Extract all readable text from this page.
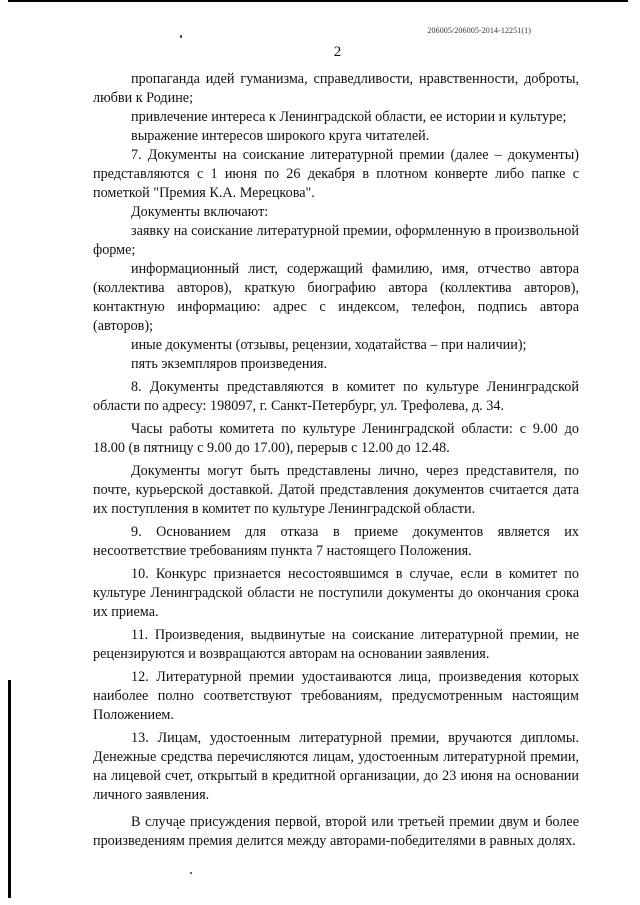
206005/206005-2014-12251(1)
2

пропаганда идей гуманизма, справедливости, нравственности, доброты, любви к Родине;

привлечение интереса к Ленинградской области, ее истории и культуре;

выражение интересов широкого круга читателей.

7. Документы на соискание литературной премии (далее – документы) представляются с 1 июня по 26 декабря в плотном конверте либо папке с пометкой "Премия К.А. Мерецкова".

Документы включают:

заявку на соискание литературной премии, оформленную в произвольной форме;

информационный лист, содержащий фамилию, имя, отчество автора (коллектива авторов), краткую биографию автора (коллектива авторов), контактную информацию: адрес с индексом, телефон, подпись автора (авторов);

иные документы (отзывы, рецензии, ходатайства – при наличии);

пять экземпляров произведения.

8. Документы представляются в комитет по культуре Ленинградской области по адресу: 198097, г. Санкт-Петербург, ул. Трефолева, д. 34.

Часы работы комитета по культуре Ленинградской области: с 9.00 до 18.00 (в пятницу с 9.00 до 17.00), перерыв с 12.00 до 12.48.

Документы могут быть представлены лично, через представителя, по почте, курьерской доставкой. Датой представления документов считается дата их поступления в комитет по культуре Ленинградской области.

9. Основанием для отказа в приеме документов является их несоответствие требованиям пункта 7 настоящего Положения.

10. Конкурс признается несостоявшимся в случае, если в комитет по культуре Ленинградской области не поступили документы до окончания срока их приема.

11. Произведения, выдвинутые на соискание литературной премии, не рецензируются и возвращаются авторам на основании заявления.

12. Литературной премии удостаиваются лица, произведения которых наиболее полно соответствуют требованиям, предусмотренным настоящим Положением.

13. Лицам, удостоенным литературной премии, вручаются дипломы. Денежные средства перечисляются лицам, удостоенным литературной премии, на лицевой счет, открытый в кредитной организации, до 23 июня на основании личного заявления.

В случае присуждения первой, второй или третьей премии двум и более произведениям премия делится между авторами-победителями в равных долях.
